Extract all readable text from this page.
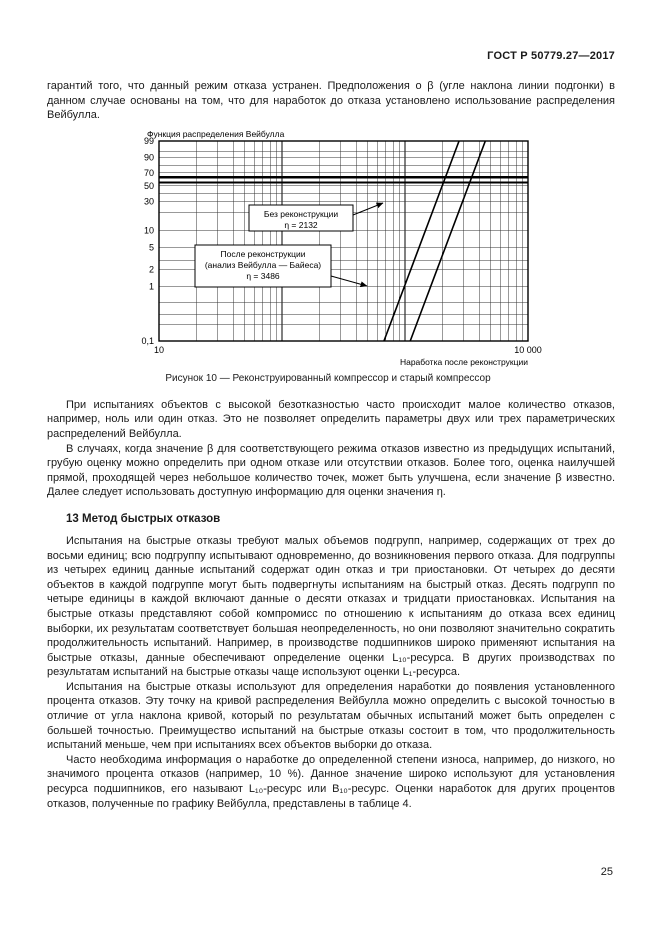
ГОСТ Р 50779.27—2017

гарантий того, что данный режим отказа устранен. Предположения о β (угле наклона линии подгонки) в данном случае основаны на том, что для наработок до отказа установлено использование распределения Вейбулла.

Функция распределения Вейбулла
99
90
70
50
30
10
5
2
1
0,1
10	10 000
Наработка после реконструкции
Без реконструкции
η = 2132
После реконструкции
(анализ Вейбулла — Байеса)
η = 3486
Рисунок 10 — Реконструированный компрессор и старый компрессор

При испытаниях объектов с высокой безотказностью часто происходит малое количество отказов, например, ноль или один отказ. Это не позволяет определить параметры двух или трех параметрических распределений Вейбулла.

В случаях, когда значение β для соответствующего режима отказов известно из предыдущих испытаний, грубую оценку можно определить при одном отказе или отсутствии отказов. Более того, оценка наилучшей прямой, проходящей через небольшое количество точек, может быть улучшена, если значение β известно. Далее следует использовать доступную информацию для оценки значения η.

13 Метод быстрых отказов

Испытания на быстрые отказы требуют малых объемов подгрупп, например, содержащих от трех до восьми единиц; всю подгруппу испытывают одновременно, до возникновения первого отказа. Для подгруппы из четырех единиц данные испытаний содержат один отказ и три приостановки. От четырех до десяти объектов в каждой подгруппе могут быть подвергнуты испытаниям на быстрый отказ. Десять подгрупп по четыре единицы в каждой включают данные о десяти отказах и тридцати приостановках. Испытания на быстрые отказы представляют собой компромисс по отношению к испытаниям до отказа всех единиц выборки, их результатам соответствует большая неопределенность, но они позволяют значительно сократить продолжительность испытаний. Например, в производстве подшипников широко применяют испытания на быстрые отказы, данные обеспечивают определение оценки L₁₀-ресурса. В других производствах по результатам испытаний на быстрые отказы чаще используют оценки L₁-ресурса.

Испытания на быстрые отказы используют для определения наработки до появления установленного процента отказов. Эту точку на кривой распределения Вейбулла можно определить с высокой точностью в отличие от угла наклона кривой, который по результатам обычных испытаний может быть определен с большей точностью. Преимущество испытаний на быстрые отказы состоит в том, что продолжительность испытаний меньше, чем при испытаниях всех объектов выборки до отказа.

Часто необходима информация о наработке до определенной степени износа, например, до низкого, но значимого процента отказов (например, 10 %). Данное значение широко используют для установления ресурса подшипников, его называют L₁₀-ресурс или B₁₀-ресурс. Оценки наработок для других процентов отказов, полученные по графику Вейбулла, представлены в таблице 4.

25
